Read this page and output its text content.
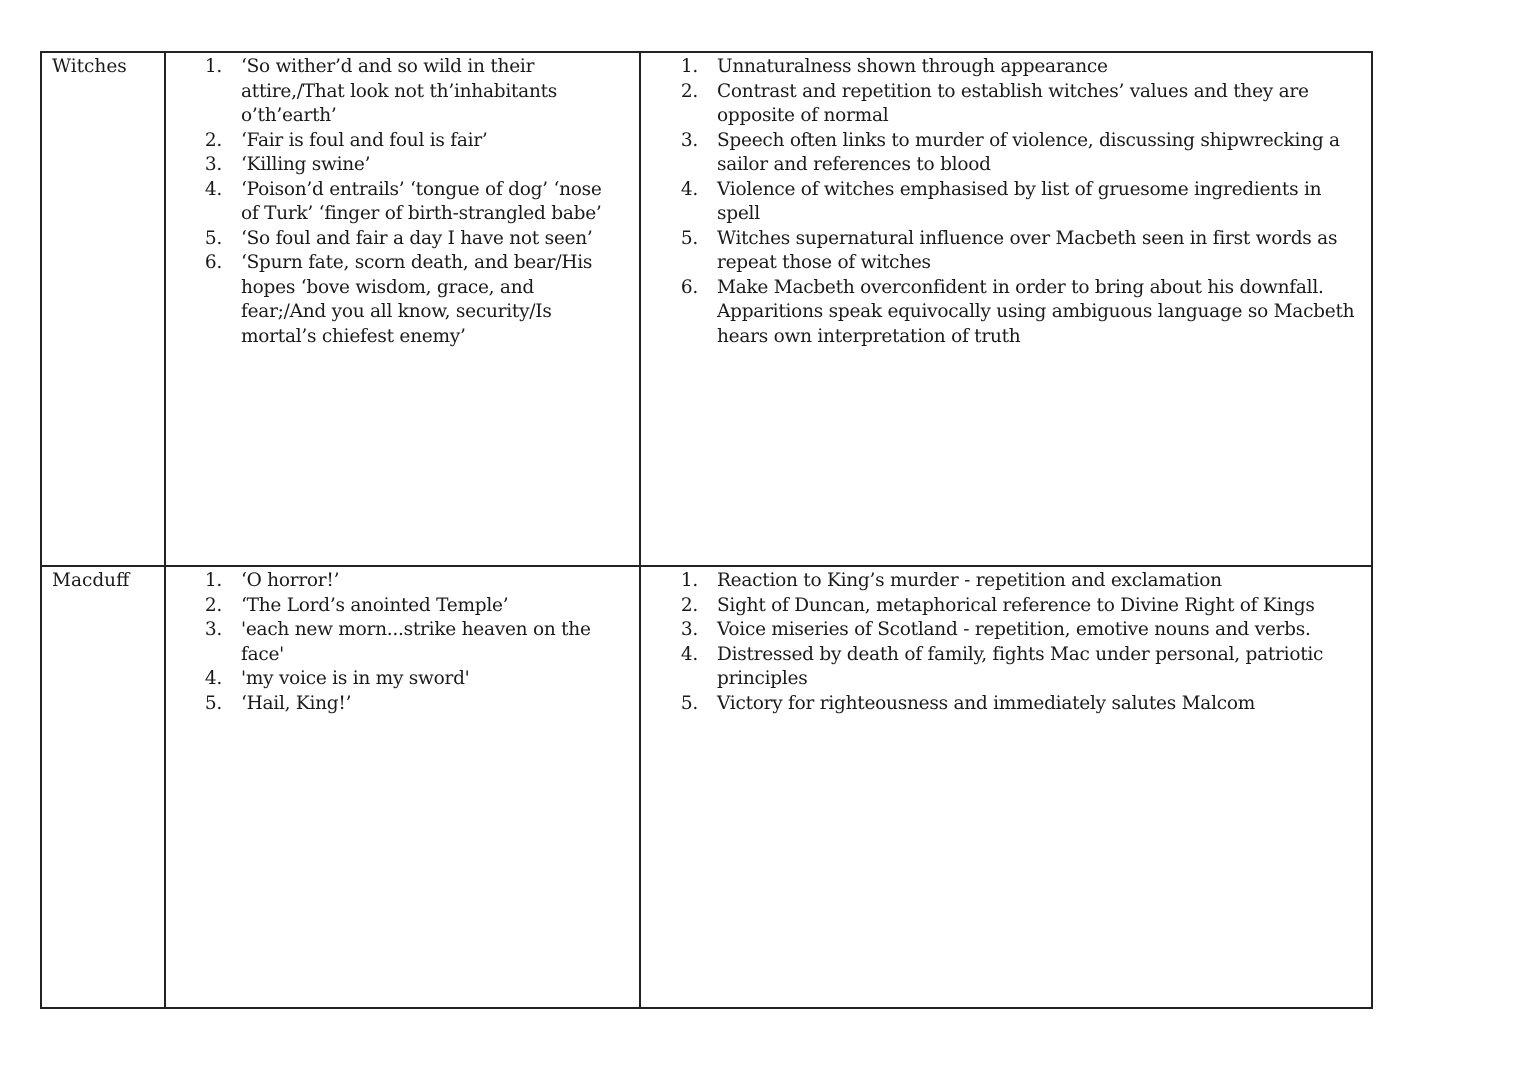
Witches	1.	‘So wither’d and so wild in their attire,/That look not th’inhabitants o’th’earth’
2.	‘Fair is foul and foul is fair’
3.	‘Killing swine’
4.	‘Poison’d entrails’ ‘tongue of dog’ ‘nose of Turk’ ‘finger of birth-strangled babe’
5.	‘So foul and fair a day I have not seen’
6.	‘Spurn fate, scorn death, and bear/His hopes ‘bove wisdom, grace, and fear;/And you all know, security/Is mortal’s chiefest enemy’
1.	Unnaturalness shown through appearance
2.	Contrast and repetition to establish witches’ values and they are opposite of normal
3.	Speech often links to murder of violence, discussing shipwrecking a sailor and references to blood
4.	Violence of witches emphasised by list of gruesome ingredients in spell
5.	Witches supernatural influence over Macbeth seen in first words as repeat those of witches
6.	Make Macbeth overconfident in order to bring about his downfall. Apparitions speak equivocally using ambiguous language so Macbeth hears own interpretation of truth
Macduff	1.	‘O horror!’
2.	‘The Lord’s anointed Temple’
3.	'each new morn...strike heaven on the face'
4.	'my voice is in my sword'
5.	‘Hail, King!’
1.	Reaction to King’s murder - repetition and exclamation
2.	Sight of Duncan, metaphorical reference to Divine Right of Kings
3.	Voice miseries of Scotland - repetition, emotive nouns and verbs.
4.	Distressed by death of family, fights Mac under personal, patriotic principles
5.	Victory for righteousness and immediately salutes Malcom
